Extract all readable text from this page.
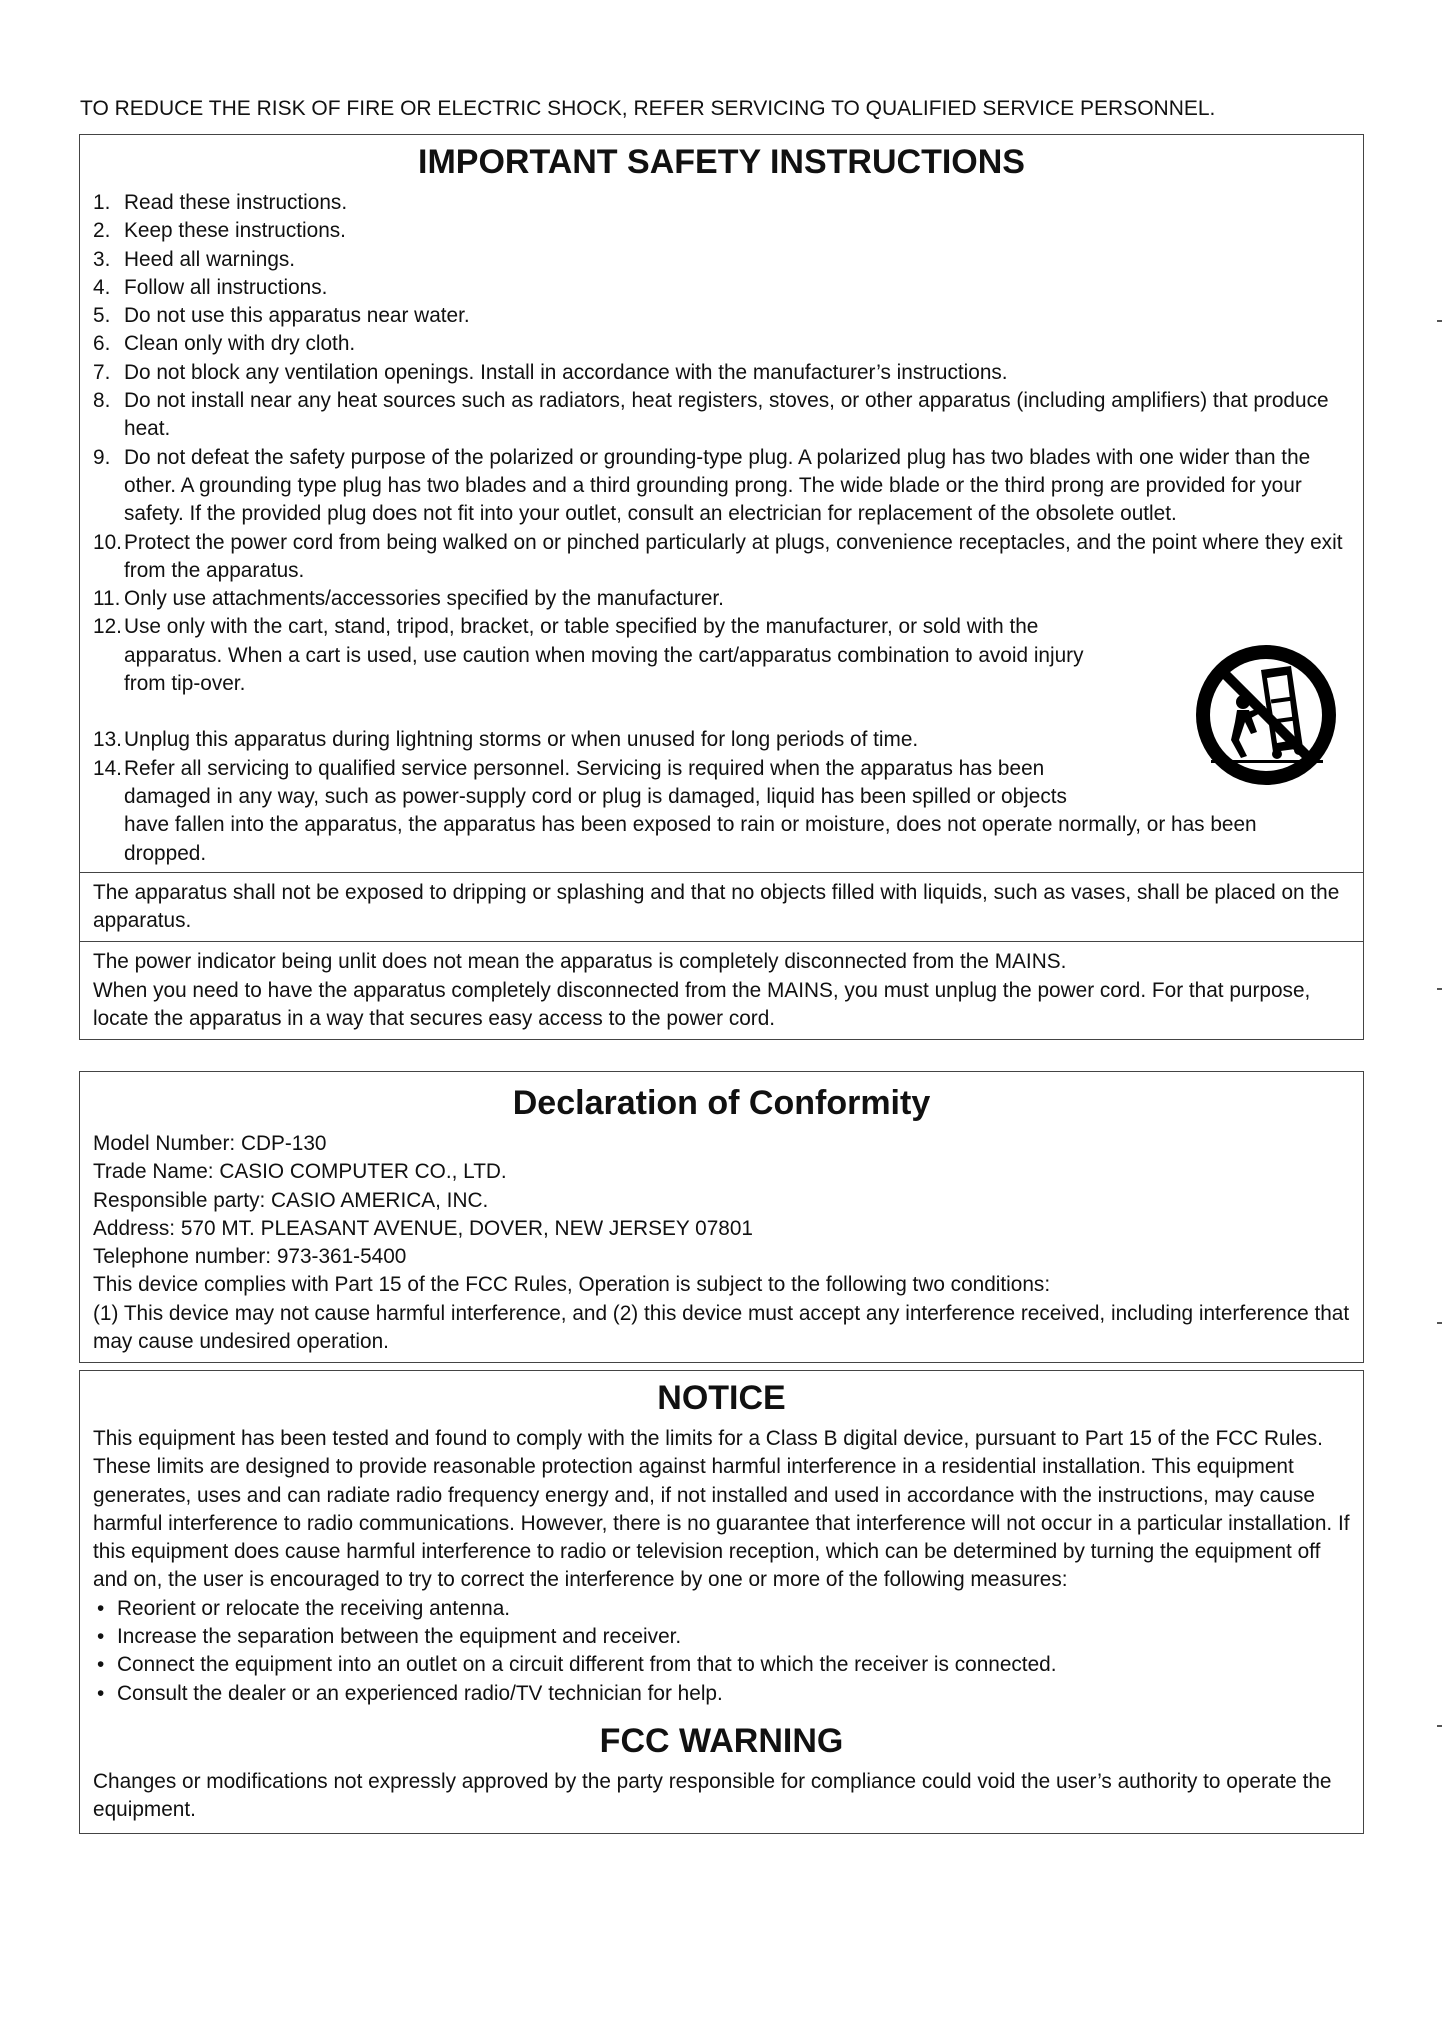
TO REDUCE THE RISK OF FIRE OR ELECTRIC SHOCK, REFER SERVICING TO QUALIFIED SERVICE PERSONNEL.

IMPORTANT SAFETY INSTRUCTIONS
1. Read these instructions.
2. Keep these instructions.
3. Heed all warnings.
4. Follow all instructions.
5. Do not use this apparatus near water.
6. Clean only with dry cloth.
7. Do not block any ventilation openings. Install in accordance with the manufacturer’s instructions.
8. Do not install near any heat sources such as radiators, heat registers, stoves, or other apparatus (including amplifiers) that produce heat.
9. Do not defeat the safety purpose of the polarized or grounding-type plug. A polarized plug has two blades with one wider than the other. A grounding type plug has two blades and a third grounding prong. The wide blade or the third prong are provided for your safety. If the provided plug does not fit into your outlet, consult an electrician for replacement of the obsolete outlet.
10. Protect the power cord from being walked on or pinched particularly at plugs, convenience receptacles, and the point where they exit from the apparatus.
11. Only use attachments/accessories specified by the manufacturer.
12. Use only with the cart, stand, tripod, bracket, or table specified by the manufacturer, or sold with the
apparatus. When a cart is used, use caution when moving the cart/apparatus combination to avoid injury
from tip-over.
13. Unplug this apparatus during lightning storms or when unused for long periods of time.
14. Refer all servicing to qualified service personnel. Servicing is required when the apparatus has been
damaged in any way, such as power-supply cord or plug is damaged, liquid has been spilled or objects
have fallen into the apparatus, the apparatus has been exposed to rain or moisture, does not operate normally, or has been
dropped.

The apparatus shall not be exposed to dripping or splashing and that no objects filled with liquids, such as vases, shall be placed on the apparatus.

The power indicator being unlit does not mean the apparatus is completely disconnected from the MAINS.

When you need to have the apparatus completely disconnected from the MAINS, you must unplug the power cord. For that purpose, locate the apparatus in a way that secures easy access to the power cord.

Declaration of Conformity

Model Number: CDP-130

Trade Name: CASIO COMPUTER CO., LTD.

Responsible party: CASIO AMERICA, INC.

Address: 570 MT. PLEASANT AVENUE, DOVER, NEW JERSEY 07801

Telephone number: 973-361-5400

This device complies with Part 15 of the FCC Rules, Operation is subject to the following two conditions:

(1) This device may not cause harmful interference, and (2) this device must accept any interference received, including interference that may cause undesired operation.

NOTICE

This equipment has been tested and found to comply with the limits for a Class B digital device, pursuant to Part 15 of the FCC Rules. These limits are designed to provide reasonable protection against harmful interference in a residential installation. This equipment generates, uses and can radiate radio frequency energy and, if not installed and used in accordance with the instructions, may cause harmful interference to radio communications. However, there is no guarantee that interference will not occur in a particular installation. If this equipment does cause harmful interference to radio or television reception, which can be determined by turning the equipment off and on, the user is encouraged to try to correct the interference by one or more of the following measures:

• Reorient or relocate the receiving antenna.
• Increase the separation between the equipment and receiver.
• Connect the equipment into an outlet on a circuit different from that to which the receiver is connected.
• Consult the dealer or an experienced radio/TV technician for help.
FCC WARNING

Changes or modifications not expressly approved by the party responsible for compliance could void the user’s authority to operate the equipment.
